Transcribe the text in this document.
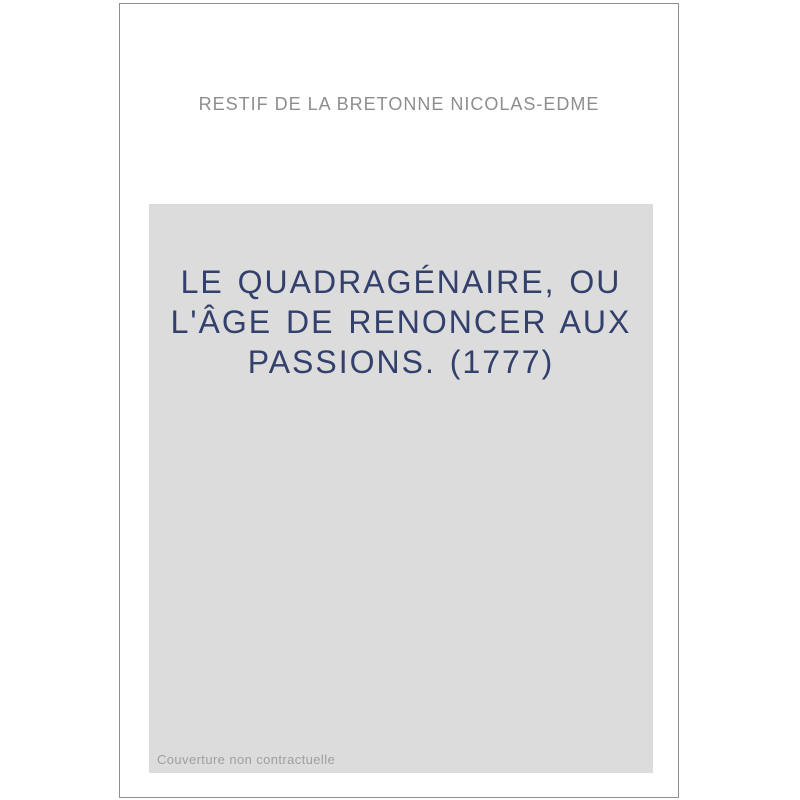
RESTIF DE LA BRETONNE NICOLAS-EDME
LE QUADRAGÉNAIRE, OU
L'ÂGE DE RENONCER AUX
PASSIONS. (1777)
Couverture non contractuelle
